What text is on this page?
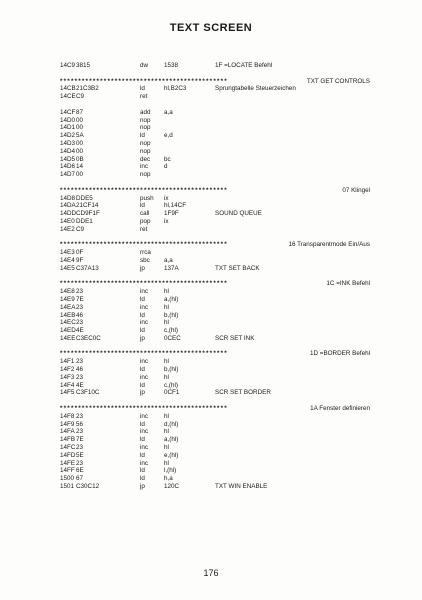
TEXT SCREEN
14C9 3815	dw	1538	1F =LOCATE Befehl
**********************************************	TXT GET CONTROLS
14CB 21C3B2	ld	hl,B2C3	Sprungtabelle Steuerzeichen
14CE C9	ret
14CF 87	add a,a
14D0 00	nop
14D1 00	nop
14D2 5A	ld	e,d
14D3 00	nop
14D4 00	nop
14D5 0B	dec bc
14D6 14	inc	d
14D7 00	nop
**********************************************	07 Klingel
14D8 DDE5	push ix
14DA 21CF14	ld	hl,14CF
14DD CD9F1F	call 1F9F	SOUND QUEUE
14E0 DDE1	pop ix
14E2 C9	ret
**********************************************	16 Transparentmode Ein/Aus
14E3 0F	rrca
14E4 9F	sbc a,a
14E5 C37A13	jp	137A	TXT SET BACK
**********************************************	1C =INK Befehl
14E8 23	inc	hl
14E9 7E	ld	a,(hl)
14EA 23	inc	hl
14EB 46	ld	b,(hl)
14EC 23	inc	hl
14ED 4E	ld	c,(hl)
14EE C3EC0C	jp	0CEC	SCR SET INK
**********************************************	1D =BORDER Befehl
14F1 23	inc	hl
14F2 46	ld	b,(hl)
14F3 23	inc	hl
14F4 4E	ld	c,(hl)
14F5 C3F10C	jp	0CF1	SCR SET BORDER
**********************************************	1A Fenster definieren
14F8 23	inc	hl
14F9 56	ld	d,(hl)
14FA 23	inc	hl
14FB 7E	ld	a,(hl)
14FC 23	inc	hl
14FD 5E	ld	e,(hl)
14FE 23	inc	hl
14FF 6E	ld	l,(hl)
1500 67	ld	h,a
1501 C30C12	jp	120C	TXT WIN ENABLE
176
